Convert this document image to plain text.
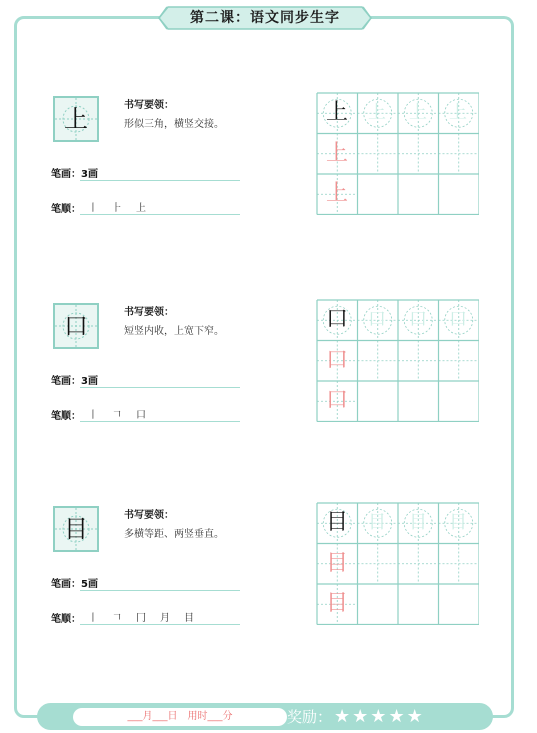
第二课：语文同步生字
上	书写要领：
形似三角，横竖交接。
笔画：3画
笔顺： 丨 ⺊ 上
上	上	上	上
上
上
口	书写要领：
短竖内收，上宽下窄。
笔画：3画
笔顺： 丨 𠃍 口
口	口	口	口
口
口
目	书写要领：
多横等距、两竖垂直。
笔画：5画
笔顺： 丨 𠃍 冂 月 目
目	目	目	目
目
目
___月___日　用时___分	奖励： ★ ★ ★ ★ ★
